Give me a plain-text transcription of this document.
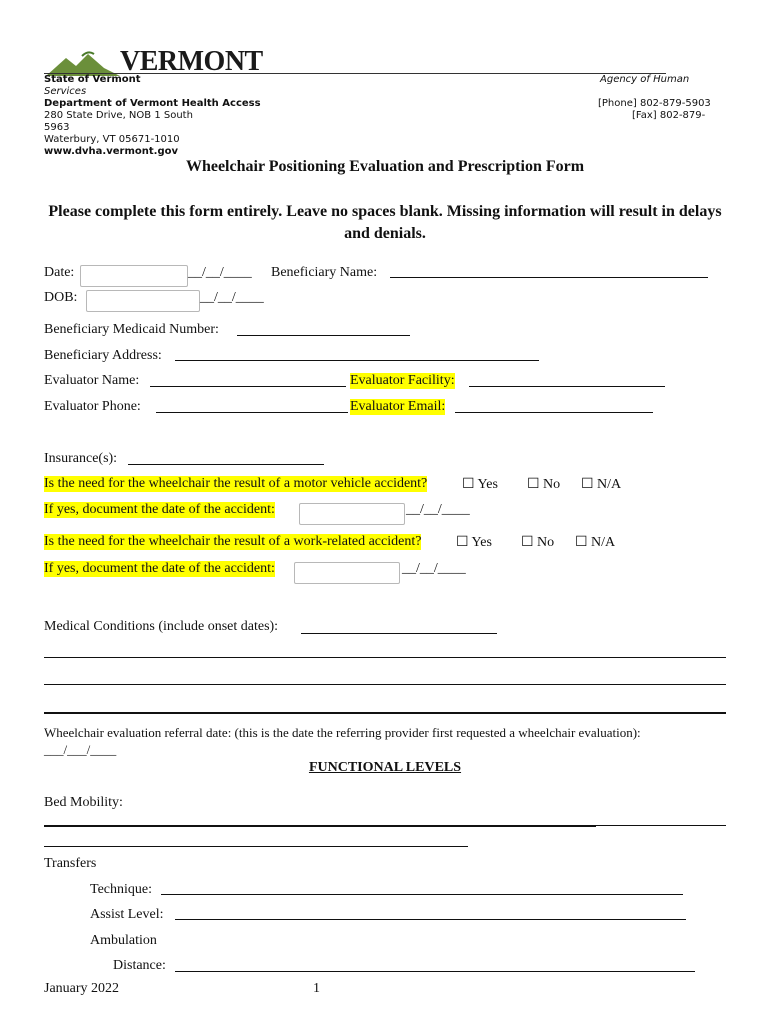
VERMONT
State of Vermont
Services
Department of Vermont Health Access
280 State Drive, NOB 1 South
5963
Waterbury, VT 05671-1010
www.dvha.vermont.gov
Agency of Human
[Phone] 802-879-5903
[Fax] 802-879-
Wheelchair Positioning Evaluation and Prescription Form
Please complete this form entirely. Leave no spaces blank. Missing information will result in delays and denials.
Date:	__/__/____ Beneficiary Name:
DOB:	__/__/____
Beneficiary Medicaid Number:
Beneficiary Address:
Evaluator Name:	Evaluator Facility:
Evaluator Phone:	Evaluator Email:
Insurance(s):
Is the need for the wheelchair the result of a motor vehicle accident? ☐ Yes ☐ No ☐ N/A
If yes, document the date of the accident:	__/__/____
Is the need for the wheelchair the result of a work-related accident? ☐ Yes ☐ No ☐ N/A
If yes, document the date of the accident:	__/__/____
Medical Conditions (include onset dates):
Wheelchair evaluation referral date: (this is the date the referring provider first requested a wheelchair evaluation):
___/___/____
FUNCTIONAL LEVELS
Bed Mobility:
Transfers
Technique:
Assist Level:
Ambulation
Distance:
January 2022	1
